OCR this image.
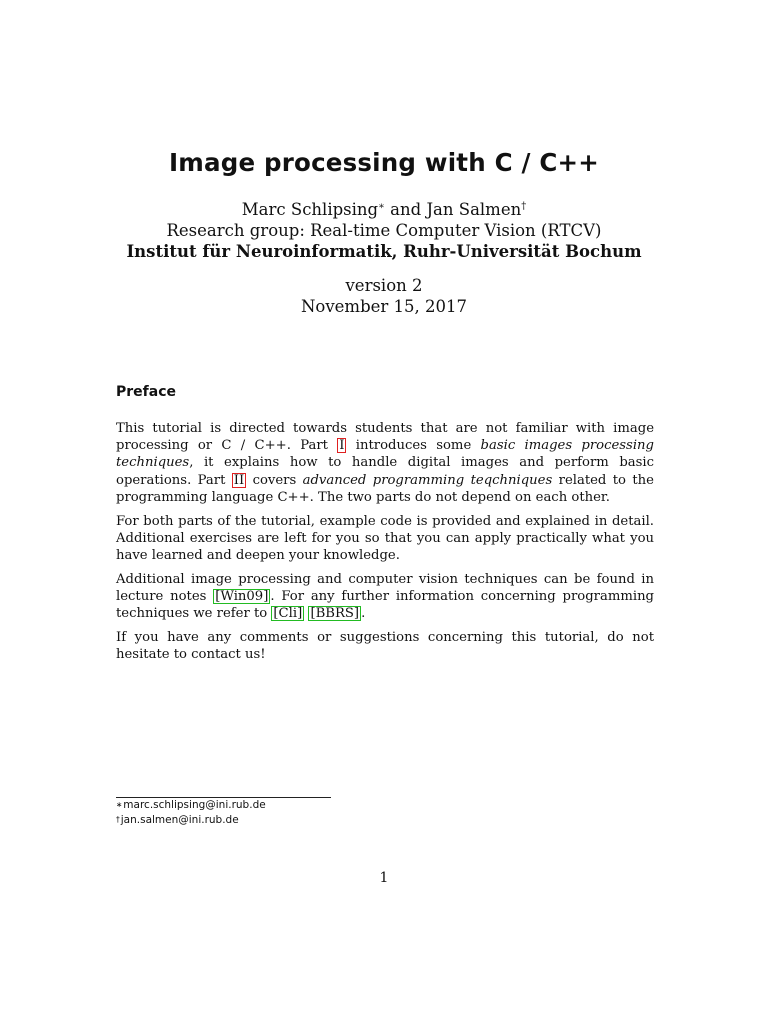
Image processing with C / C++
Marc Schlipsing∗ and Jan Salmen†
Research group: Real-time Computer Vision (RTCV)
Institut für Neuroinformatik, Ruhr-Universität Bochum
version 2
November 15, 2017
Preface

This tutorial is directed towards students that are not familiar with image processing or C / C++. Part I introduces some basic images processing techniques, it explains how to handle digital images and perform basic operations. Part II covers advanced programming teqchniques related to the programming language C++. The two parts do not depend on each other.

For both parts of the tutorial, example code is provided and explained in detail. Additional exercises are left for you so that you can apply practically what you have learned and deepen your knowledge.

Additional image processing and computer vision techniques can be found in lecture notes [Win09] . For any further information concerning programming techniques we refer to [Cli] [BBRS] .

If you have any comments or suggestions concerning this tutorial, do not hesitate to contact us!

∗marc.schlipsing@ini.rub.de
†jan.salmen@ini.rub.de
1
